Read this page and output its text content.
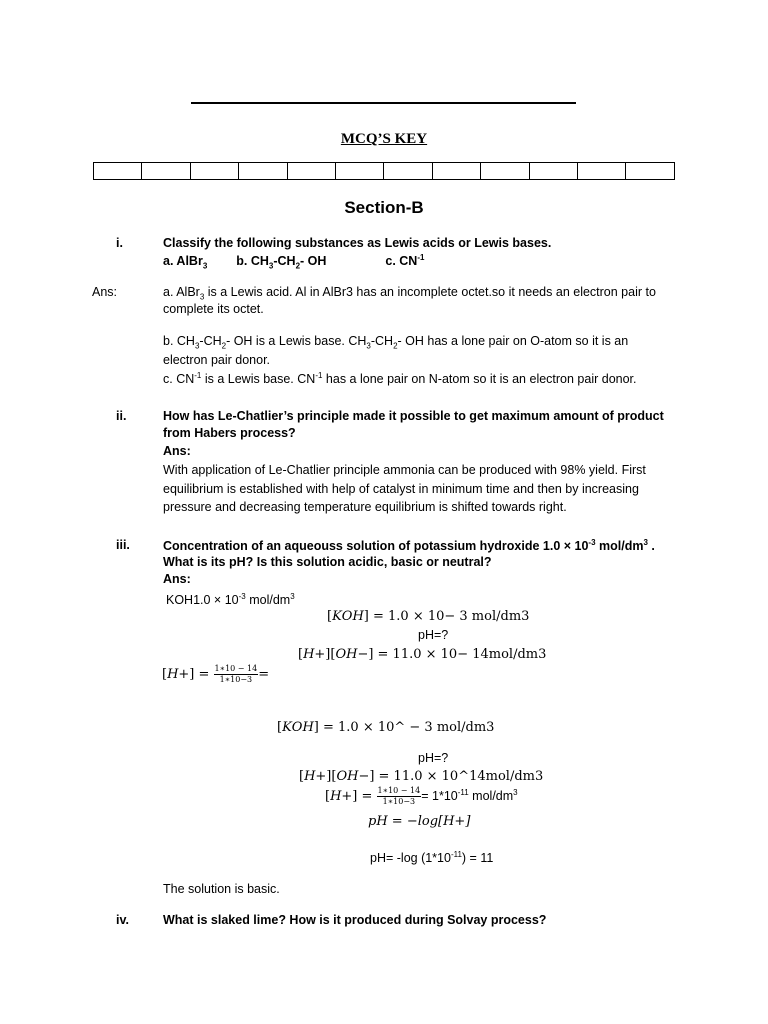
MCQ’S KEY

Section-B
i.	Classify the following substances as Lewis acids or Lewis bases.
a. AlBr$_3$ b. $CH_3-CH_2-$ OH	c. $CN^{-1}$
Ans:	a. AlBr$_3$ is a Lewis acid. Al in AlBr3 has an incomplete octet.so it needs an electron pair to
complete its octet.
b. $CH_3-CH_2-$ OH is a Lewis base. $CH_3-CH_2-$ OH has a lone pair on O-atom so it is an
electron pair donor.
c. $CN^{-1}$ is a Lewis base. $CN^{-1}$ has a lone pair on N-atom so it is an electron pair donor.
ii.	How has Le-Chatlier’s principle made it possible to get maximum amount of product
from Habers process?
Ans:
With application of Le-Chatlier principle ammonia can be produced with 98% yield. First
equilibrium is established with help of catalyst in minimum time and then by increasing
pressure and decreasing temperature equilibrium is shifted towards right.
iii.	Concentration of an aqueouss solution of potassium hydroxide $1.0 \times 10^{-3}$ mol/$dm^3$ .
What is its pH? Is this solution acidic, basic or neutral?
Ans:
$KOH1.0 \times 10^{-3}$ mol/$dm^3$
[𝐾𝑂𝐻] = 1.0 × 10− 3 mol/dm3
pH=?
[𝐻+][𝑂𝐻−] = 11.0 × 10− 14mol/dm3
[𝐻+] = $\frac{1∗10 - 14}{1∗10-3}$ =
[𝐾𝑂𝐻] = 1.0 × 10^ − 3 mol/dm3
pH=?
[𝐻+][𝑂𝐻−] = 11.0 × 10^14mol/dm3
[𝐻+] = $\frac{1∗10 - 14}{1∗10-3} = 1*10^{-11}$ mol/$dm^3$
𝑝𝐻 = −𝑙𝑜𝑔[𝐻+]
pH= -log $(1*10^{-11}) = 11$
The solution is basic.
iv.	What is slaked lime? How is it produced during Solvay process?
